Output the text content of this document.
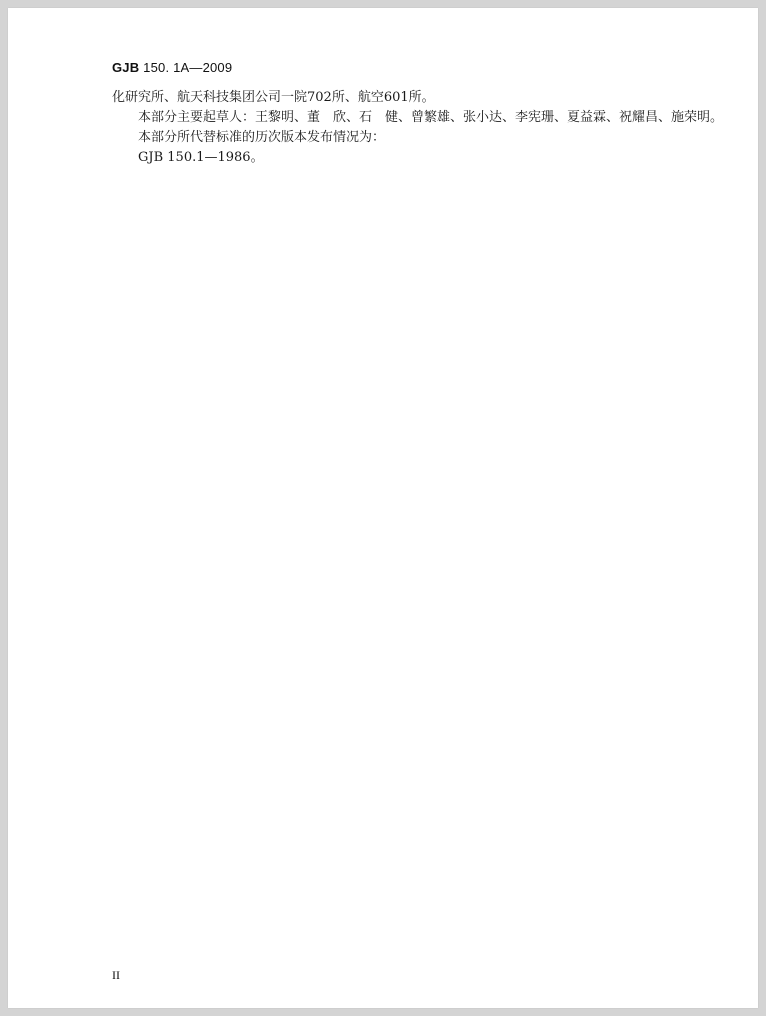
GJB 150. 1A—2009

化研究所、航天科技集团公司一院702所、航空601所。

本部分主要起草人：王黎明、董　欣、石　健、曾繁雄、张小达、李宪珊、夏益霖、祝耀昌、施荣明。

本部分所代替标准的历次版本发布情况为：

GJB 150.1—1986。

II
